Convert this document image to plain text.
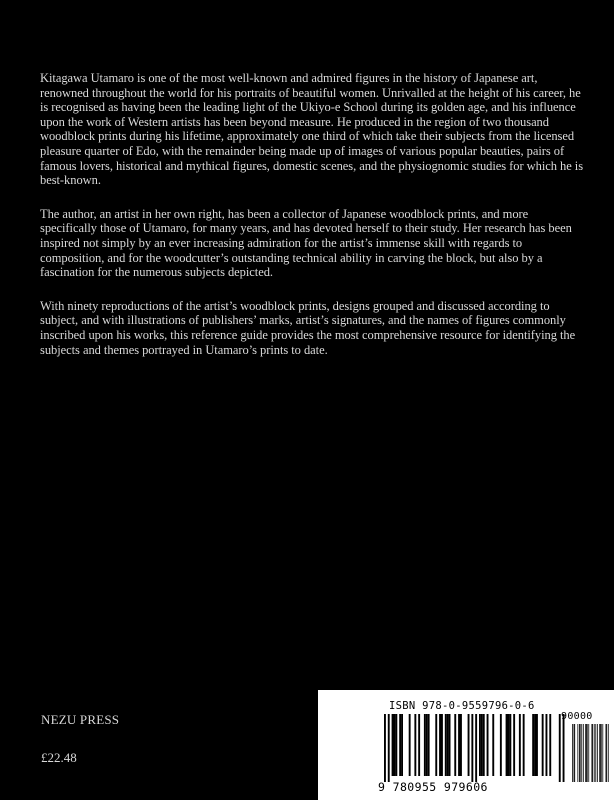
Kitagawa Utamaro is one of the most well-known and admired figures in the history of Japanese art, renowned throughout the world for his portraits of beautiful women. Unrivalled at the height of his career, he is recognised as having been the leading light of the Ukiyo-e School during its golden age, and his influence upon the work of Western artists has been beyond measure. He produced in the region of two thousand woodblock prints during his lifetime, approximately one third of which take their subjects from the licensed pleasure quarter of Edo, with the remainder being made up of images of various popular beauties, pairs of famous lovers, historical and mythical figures, domestic scenes, and the physiognomic studies for which he is best-known.

The author, an artist in her own right, has been a collector of Japanese woodblock prints, and more specifically those of Utamaro, for many years, and has devoted herself to their study. Her research has been inspired not simply by an ever increasing admiration for the artist’s immense skill with regards to composition, and for the woodcutter’s outstanding technical ability in carving the block, but also by a fascination for the numerous subjects depicted.

With ninety reproductions of the artist’s woodblock prints, designs grouped and discussed according to subject, and with illustrations of publishers’ marks, artist’s signatures, and the names of figures commonly inscribed upon his works, this reference guide provides the most comprehensive resource for identifying the subjects and themes portrayed in Utamaro’s prints to date.

NEZU PRESS
£22.48
ISBN 978-0-9559796-0-6
9 780955 979606
90000
